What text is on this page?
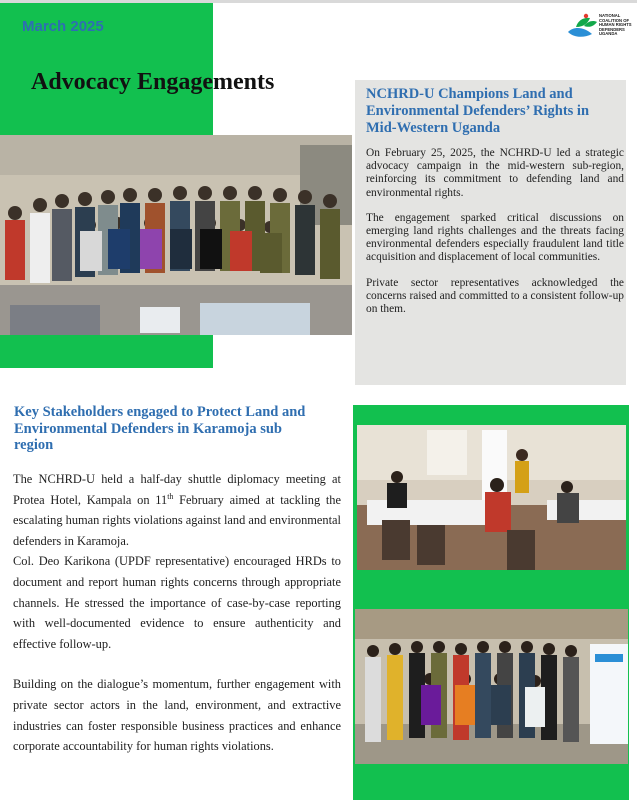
March 2025
NATIONAL COALITION OF HUMAN RIGHTS DEFENDERS UGANDA
Advocacy Engagements	NCHRD-U Champions Land and Environmental Defenders’ Rights in Mid-Western Uganda

On February 25, 2025, the NCHRD-U led a strategic advocacy campaign in the mid-western sub-region, reinforcing its commitment to defending land and environmental rights.

The engagement sparked critical discussions on emerging land rights challenges and the threats facing environmental defenders especially fraudulent land title acquisition and displacement of local communities.

Private sector representatives acknowledged the concerns raised and committed to a consistent follow-up on them.

Key Stakeholders engaged to Protect Land and Environmental Defenders in Karamoja sub region

The NCHRD-U held a half-day shuttle diplomacy meeting at Protea Hotel, Kampala on 11th February aimed at tackling the escalating human rights violations against land and environmental defenders in Karamoja.

Col. Deo Karikona (UPDF representative) encouraged HRDs to document and report human rights concerns through appropriate channels. He stressed the importance of case-by-case reporting with well-documented evidence to ensure authenticity and effective follow-up.

Building on the dialogue’s momentum, further engagement with private sector actors in the land, environment, and extractive industries can foster responsible business practices and enhance corporate accountability for human rights violations.
